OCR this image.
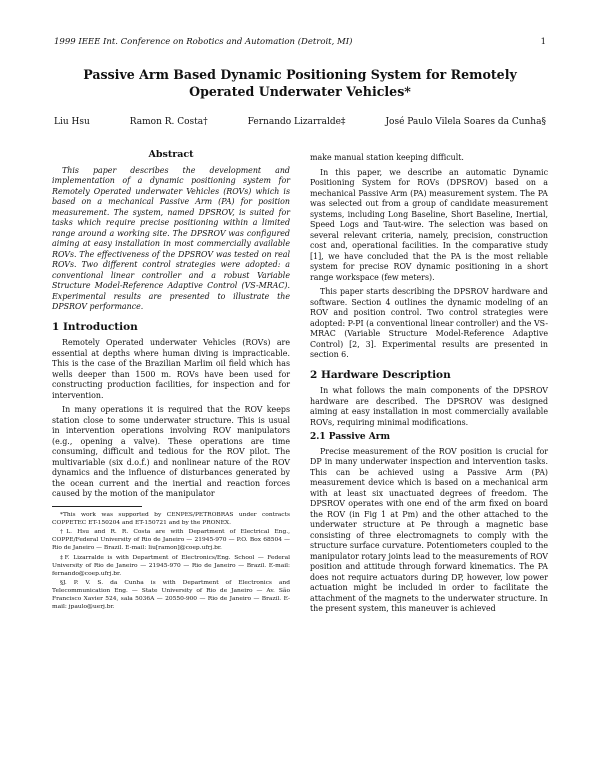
1999 IEEE Int. Conference on Robotics and Automation (Detroit, MI)	1
Passive Arm Based Dynamic Positioning System for Remotely
Operated Underwater Vehicles*
Liu Hsu	Ramon R. Costa†	Fernando Lizarralde‡	José Paulo Vilela Soares da Cunha§
Abstract

This paper describes the development and implementation of a dynamic positioning system for Remotely Operated underwater Vehicles (ROVs) which is based on a mechanical Passive Arm (PA) for position measurement. The system, named DPSROV, is suited for tasks which require precise positioning within a limited range around a working site. The DPSROV was configured aiming at easy installation in most commercially available ROVs. The effectiveness of the DPSROV was tested on real ROVs. Two different control strategies were adopted: a conventional linear controller and a robust Variable Structure Model-Reference Adaptive Control (VS-MRAC). Experimental results are presented to illustrate the DPSROV performance.

1 Introduction

Remotely Operated underwater Vehicles (ROVs) are essential at depths where human diving is impracticable. This is the case of the Brazilian Marlim oil field which has wells deeper than 1500 m. ROVs have been used for constructing production facilities, for inspection and for intervention.

In many operations it is required that the ROV keeps station close to some underwater structure. This is usual in intervention operations involving ROV manipulators (e.g., opening a valve). These operations are time consuming, difficult and tedious for the ROV pilot. The multivariable (six d.o.f.) and nonlinear nature of the ROV dynamics and the influence of disturbances generated by the ocean current and the inertial and reaction forces caused by the motion of the manipulator

*This work was supported by CENPES/PETROBRAS under contracts COPPETEC ET-150204 and ET-150721 and by the PRONEX.

†L. Hsu and R. R. Costa are with Department of Electrical Eng., COPPE/Federal University of Rio de Janeiro — 21945-970 — P.O. Box 68504 — Rio de Janeiro — Brazil. E-mail: liu[ramon]@coep.ufrj.br.

‡F. Lizarralde is with Department of Electronics/Eng. School — Federal University of Rio de Janeiro — 21945-970 — Rio de Janeiro — Brazil. E-mail: fernando@coep.ufrj.br.

§J. P. V. S. da Cunha is with Department of Electronics and Telecommunication Eng. — State University of Rio de Janeiro — Av. São Francisco Xavier 524, sala 5036A — 20550-900 — Rio de Janeiro — Brazil. E-mail: jpaulo@uerj.br.

make manual station keeping difficult.

In this paper, we describe an automatic Dynamic Positioning System for ROVs (DPSROV) based on a mechanical Passive Arm (PA) measurement system. The PA was selected out from a group of candidate measurement systems, including Long Baseline, Short Baseline, Inertial, Speed Logs and Taut-wire. The selection was based on several relevant criteria, namely, precision, construction cost and, operational facilities. In the comparative study [1], we have concluded that the PA is the most reliable system for precise ROV dynamic positioning in a short range workspace (few meters).

This paper starts describing the DPSROV hardware and software. Section 4 outlines the dynamic modeling of an ROV and position control. Two control strategies were adopted: P-PI (a conventional linear controller) and the VS-MRAC (Variable Structure Model-Reference Adaptive Control) [2, 3]. Experimental results are presented in section 6.

2 Hardware Description

In what follows the main components of the DPSROV hardware are described. The DPSROV was designed aiming at easy installation in most commercially available ROVs, requiring minimal modifications.

2.1 Passive Arm

Precise measurement of the ROV position is crucial for DP in many underwater inspection and intervention tasks. This can be achieved using a Passive Arm (PA) measurement device which is based on a mechanical arm with at least six unactuated degrees of freedom. The DPSROV operates with one end of the arm fixed on board the ROV (in Fig 1 at Pm) and the other attached to the underwater structure at Pe through a magnetic base consisting of three electromagnets to comply with the structure surface curvature. Potentiometers coupled to the manipulator rotary joints lead to the measurements of ROV position and attitude through forward kinematics. The PA does not require actuators during DP, however, low power actuation might be included in order to facilitate the attachment of the magnets to the underwater structure. In the present system, this maneuver is achieved
